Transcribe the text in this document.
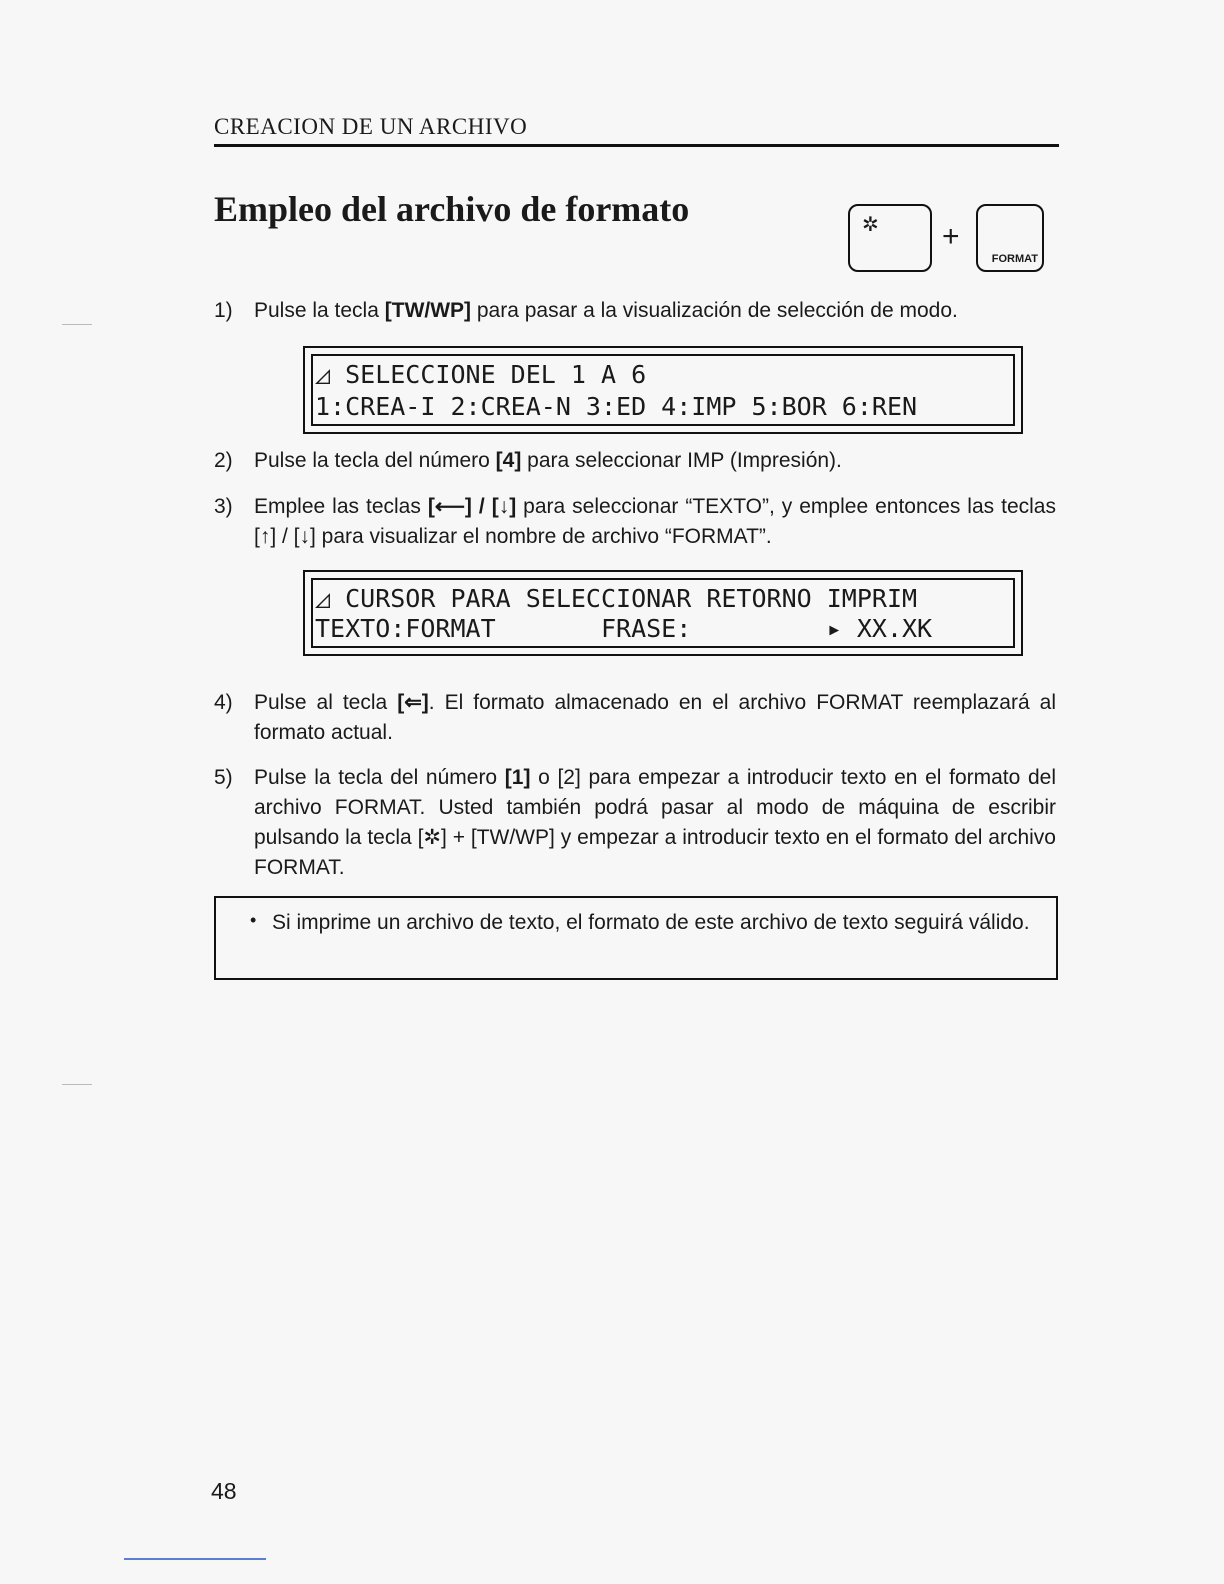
CREACION DE UN ARCHIVO
Empleo del archivo de formato	✲ +
FORMAT
1)	Pulse la tecla [TW/WP] para pasar a la visualización de selección de modo.
◿ SELECCIONE DEL 1 A 6
1:CREA-I 2:CREA-N 3:ED 4:IMP 5:BOR 6:REN
2)	Pulse la tecla del número [4] para seleccionar IMP (Impresión).
3)	Emplee las teclas [⟵] / [↓] para seleccionar “TEXTO”, y emplee entonces las teclas [↑] / [↓] para visualizar el nombre de archivo “FORMAT”.
◿ CURSOR PARA SELECCIONAR RETORNO IMPRIM
TEXTO:FORMAT       FRASE:         ▸ XX.XK
4)	Pulse al tecla [⇐]. El formato almacenado en el archivo FORMAT reemplazará al formato actual.
5)	Pulse la tecla del número [1] o [2] para empezar a introducir texto en el formato del archivo FORMAT. Usted también podrá pasar al modo de máquina de escribir pulsando la tecla [✲] + [TW/WP] y empezar a introducir texto en el formato del archivo FORMAT.
• Si imprime un archivo de texto, el formato de este archivo de texto seguirá válido.
48
